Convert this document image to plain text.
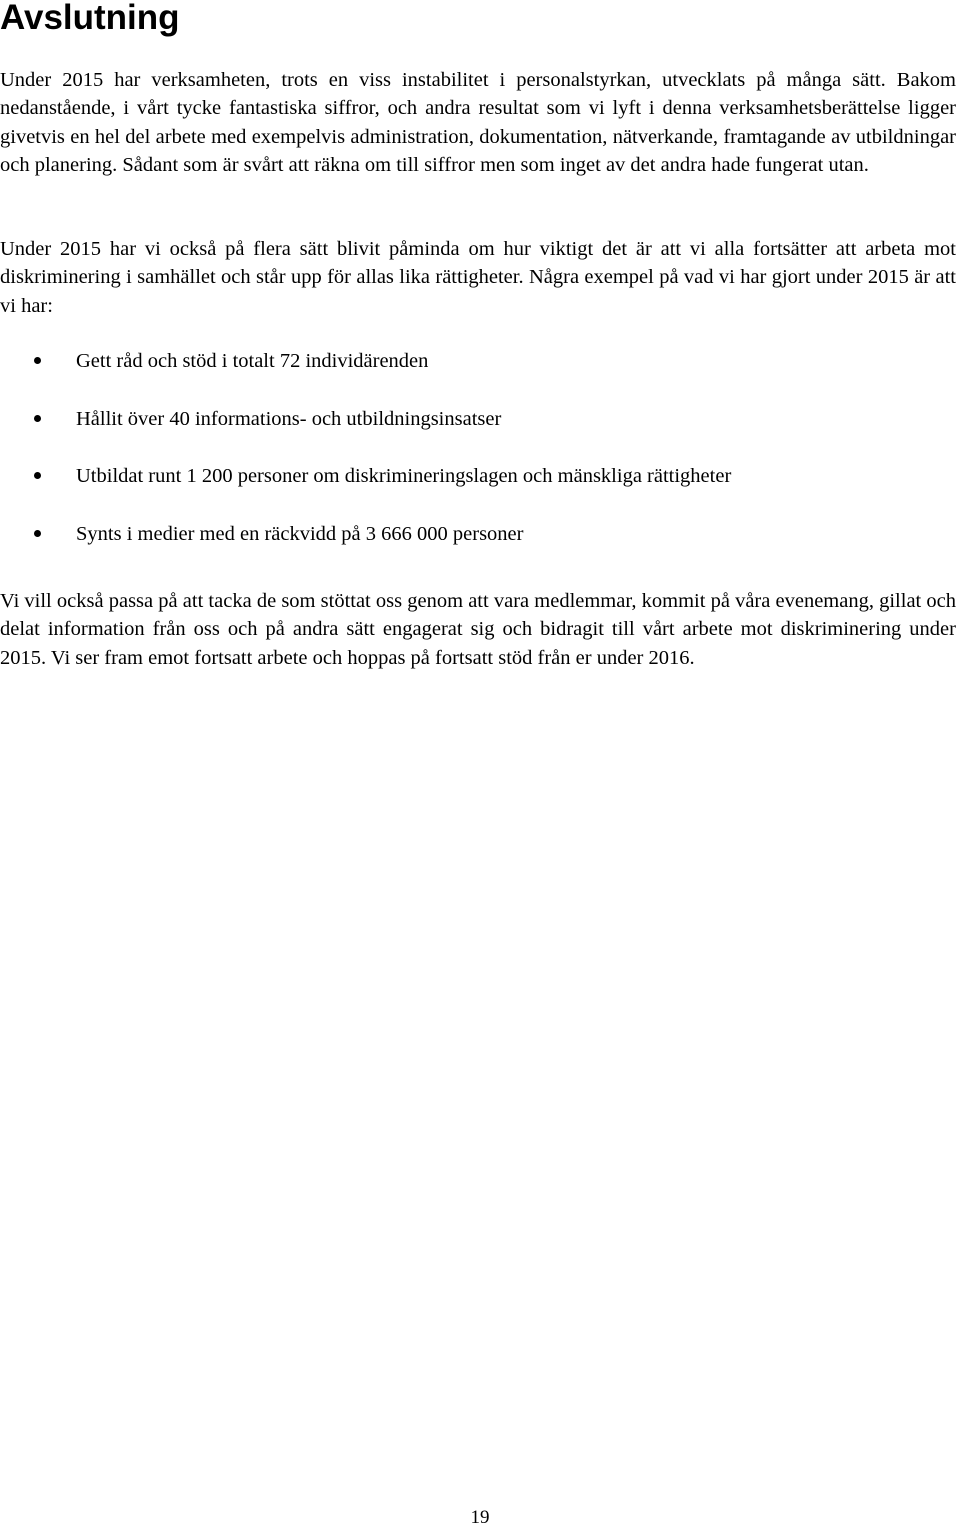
Avslutning

Under 2015 har verksamheten, trots en viss instabilitet i personalstyrkan, utvecklats på många sätt. Bakom nedanstående, i vårt tycke fantastiska siffror, och andra resultat som vi lyft i denna verksamhetsberättelse ligger givetvis en hel del arbete med exempelvis administration, dokumentation, nätverkande, framtagande av utbildningar och planering. Sådant som är svårt att räkna om till siffror men som inget av det andra hade fungerat utan.

Under 2015 har vi också på flera sätt blivit påminda om hur viktigt det är att vi alla fortsätter att arbeta mot diskriminering i samhället och står upp för allas lika rättigheter. Några exempel på vad vi har gjort under 2015 är att vi har:

Gett råd och stöd i totalt 72 individärenden
Hållit över 40 informations- och utbildningsinsatser
Utbildat runt 1 200 personer om diskrimineringslagen och mänskliga rättigheter
Synts i medier med en räckvidd på 3 666 000 personer

Vi vill också passa på att tacka de som stöttat oss genom att vara medlemmar, kommit på våra evenemang, gillat och delat information från oss och på andra sätt engagerat sig och bidragit till vårt arbete mot diskriminering under 2015. Vi ser fram emot fortsatt arbete och hoppas på fortsatt stöd från er under 2016.

19
